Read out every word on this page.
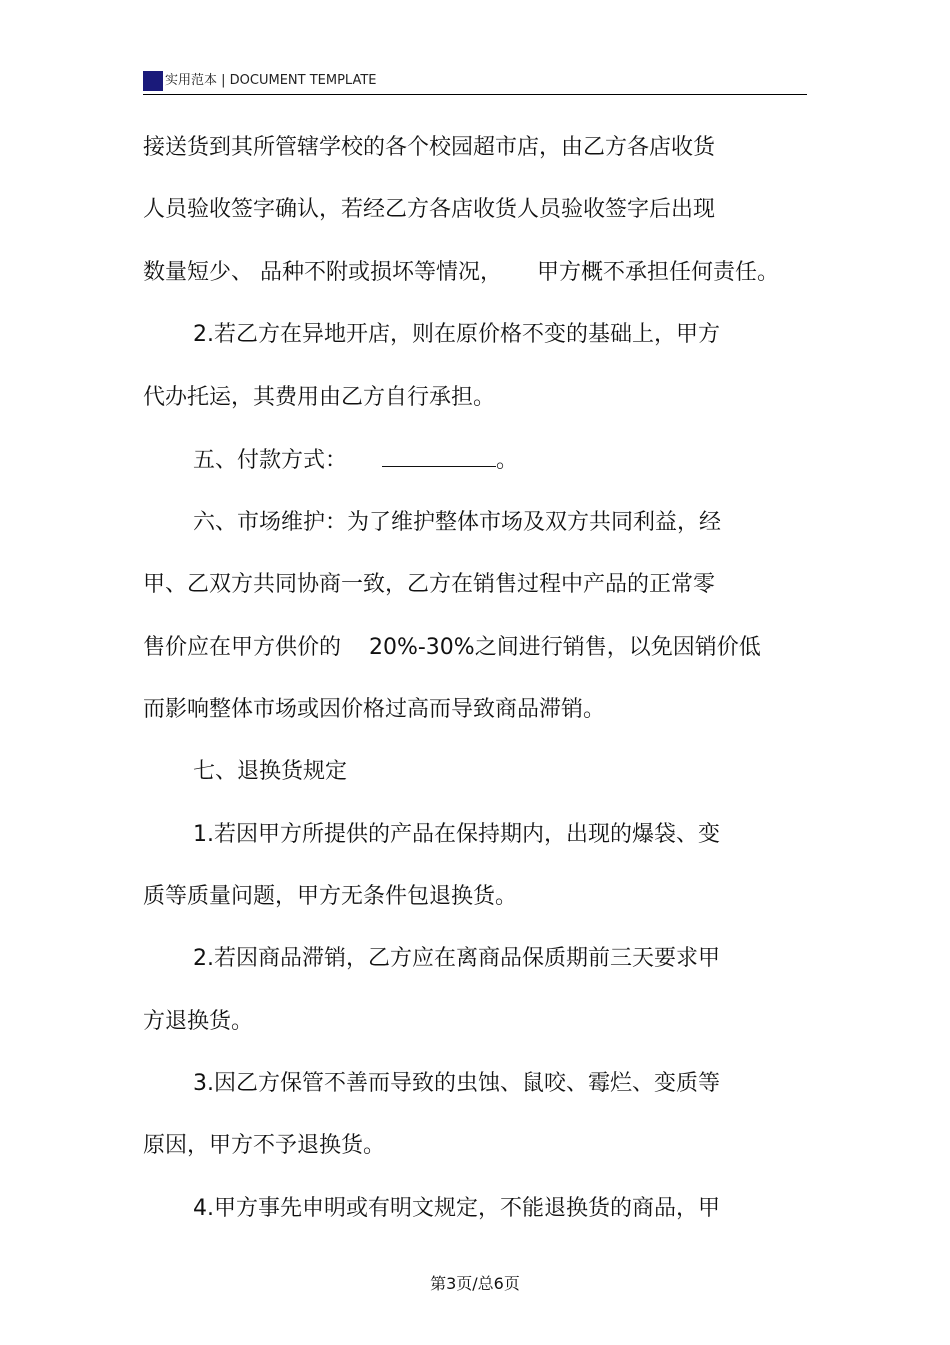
实用范本 | DOCUMENT TEMPLATE
接送货到其所管辖学校的各个校园超市店，由乙方各店收货
人员验收签字确认，若经乙方各店收货人员验收签字后出现
数量短少、 品种不附或损坏等情况，     甲方概不承担任何责任。
2.若乙方在异地开店，则在原价格不变的基础上，甲方
代办托运，其费用由乙方自行承担。
五、付款方式：	。
六、市场维护：为了维护整体市场及双方共同利益，经
甲、乙双方共同协商一致，乙方在销售过程中产品的正常零
售价应在甲方供价的    20%-30%之间进行销售，以免因销价低
而影响整体市场或因价格过高而导致商品滞销。
七、退换货规定
1.若因甲方所提供的产品在保持期内，出现的爆袋、变
质等质量问题，甲方无条件包退换货。
2.若因商品滞销，乙方应在离商品保质期前三天要求甲
方退换货。
3.因乙方保管不善而导致的虫蚀、鼠咬、霉烂、变质等
原因，甲方不予退换货。
4.甲方事先申明或有明文规定，不能退换货的商品，甲
第3页/总6页
